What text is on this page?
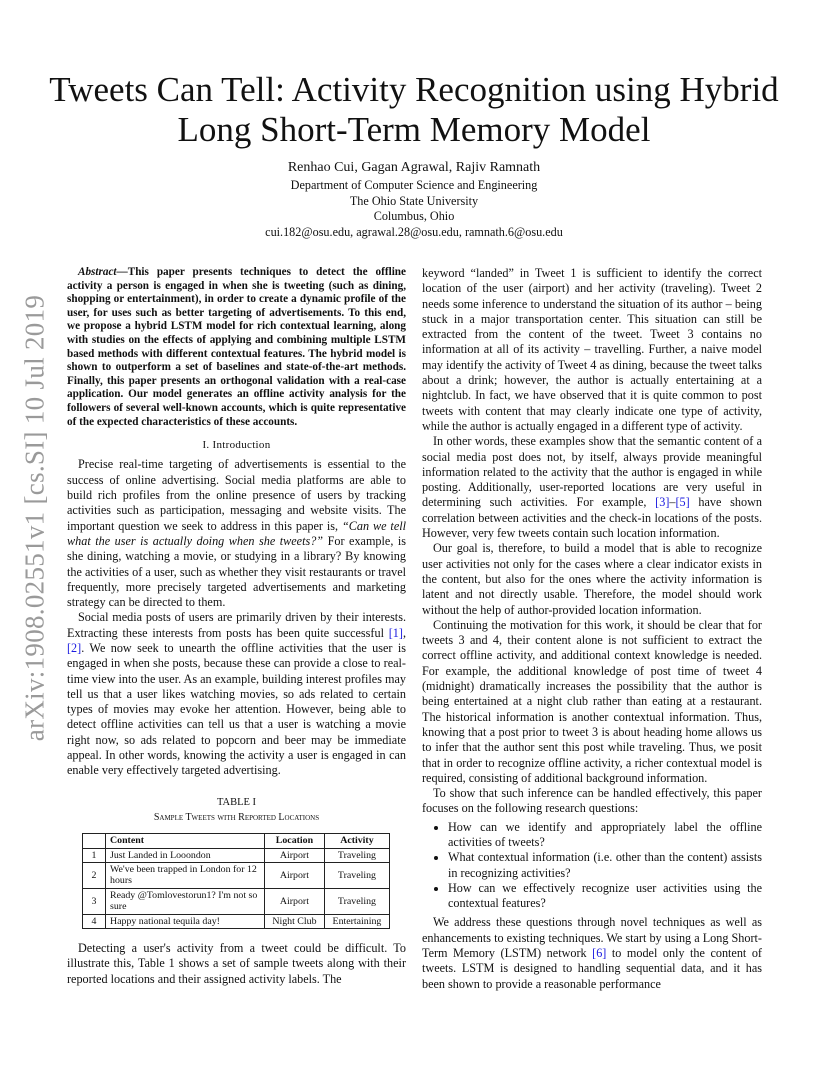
arXiv:1908.02551v1 [cs.SI] 10 Jul 2019
Tweets Can Tell: Activity Recognition using Hybrid
Long Short-Term Memory Model
Renhao Cui, Gagan Agrawal, Rajiv Ramnath
Department of Computer Science and Engineering
The Ohio State University
Columbus, Ohio
cui.182@osu.edu, agrawal.28@osu.edu, ramnath.6@osu.edu

Abstract—This paper presents techniques to detect the offline activity a person is engaged in when she is tweeting (such as dining, shopping or entertainment), in order to create a dynamic profile of the user, for uses such as better targeting of advertisements. To this end, we propose a hybrid LSTM model for rich contextual learning, along with studies on the effects of applying and combining multiple LSTM based methods with different contextual features. The hybrid model is shown to outperform a set of baselines and state-of-the-art methods. Finally, this paper presents an orthogonal validation with a real-case application. Our model generates an offline activity analysis for the followers of several well-known accounts, which is quite representative of the expected characteristics of these accounts.

I. Introduction

Precise real-time targeting of advertisements is essential to the success of online advertising. Social media platforms are able to build rich profiles from the online presence of users by tracking activities such as participation, messaging and website visits. The important question we seek to address in this paper is, “Can we tell what the user is actually doing when she tweets?” For example, is she dining, watching a movie, or studying in a library? By knowing the activities of a user, such as whether they visit restaurants or travel frequently, more precisely targeted advertisements and marketing strategy can be directed to them.

Social media posts of users are primarily driven by their interests. Extracting these interests from posts has been quite successful [1], [2]. We now seek to unearth the offline activities that the user is engaged in when she posts, because these can provide a close to real-time view into the user. As an example, building interest profiles may tell us that a user likes watching movies, so ads related to certain types of movies may evoke her attention. However, being able to detect offline activities can tell us that a user is watching a movie right now, so ads related to popcorn and beer may be immediate appeal. In other words, knowing the activity a user is engaged in can enable very effectively targeted advertising.

TABLE I
Sample Tweets with Reported Locations
	Content	Location	Activity
1	Just Landed in Looondon	Airport	Traveling
2	We've been trapped in London for 12 hours	Airport	Traveling
3	Ready @Tomlovestorun1? I'm not so sure	Airport	Traveling
4	Happy national tequila day!	Night Club	Entertaining

Detecting a user's activity from a tweet could be difficult. To illustrate this, Table 1 shows a set of sample tweets along with their reported locations and their assigned activity labels. The

keyword “landed” in Tweet 1 is sufficient to identify the correct location of the user (airport) and her activity (traveling). Tweet 2 needs some inference to understand the situation of its author – being stuck in a major transportation center. This situation can still be extracted from the content of the tweet. Tweet 3 contains no information at all of its activity – travelling. Further, a naive model may identify the activity of Tweet 4 as dining, because the tweet talks about a drink; however, the author is actually entertaining at a nightclub. In fact, we have observed that it is quite common to post tweets with content that may clearly indicate one type of activity, while the author is actually engaged in a different type of activity.

In other words, these examples show that the semantic content of a social media post does not, by itself, always provide meaningful information related to the activity that the author is engaged in while posting. Additionally, user-reported locations are very useful in determining such activities. For example, [3]–[5] have shown correlation between activities and the check-in locations of the posts. However, very few tweets contain such location information.

Our goal is, therefore, to build a model that is able to recognize user activities not only for the cases where a clear indicator exists in the content, but also for the ones where the activity information is latent and not directly usable. Therefore, the model should work without the help of author-provided location information.

Continuing the motivation for this work, it should be clear that for tweets 3 and 4, their content alone is not sufficient to extract the correct offline activity, and additional context knowledge is needed. For example, the additional knowledge of post time of tweet 4 (midnight) dramatically increases the possibility that the author is being entertained at a night club rather than eating at a restaurant. The historical information is another contextual information. Thus, knowing that a post prior to tweet 3 is about heading home allows us to infer that the author sent this post while traveling. Thus, we posit that in order to recognize offline activity, a richer contextual model is required, consisting of additional background information.

To show that such inference can be handled effectively, this paper focuses on the following research questions:

• How can we identify and appropriately label the offline activities of tweets?
• What contextual information (i.e. other than the content) assists in recognizing activities?
• How can we effectively recognize user activities using the contextual features?

We address these questions through novel techniques as well as enhancements to existing techniques. We start by using a Long Short-Term Memory (LSTM) network [6] to model only the content of tweets. LSTM is designed to handling sequential data, and it has been shown to provide a reasonable performance
